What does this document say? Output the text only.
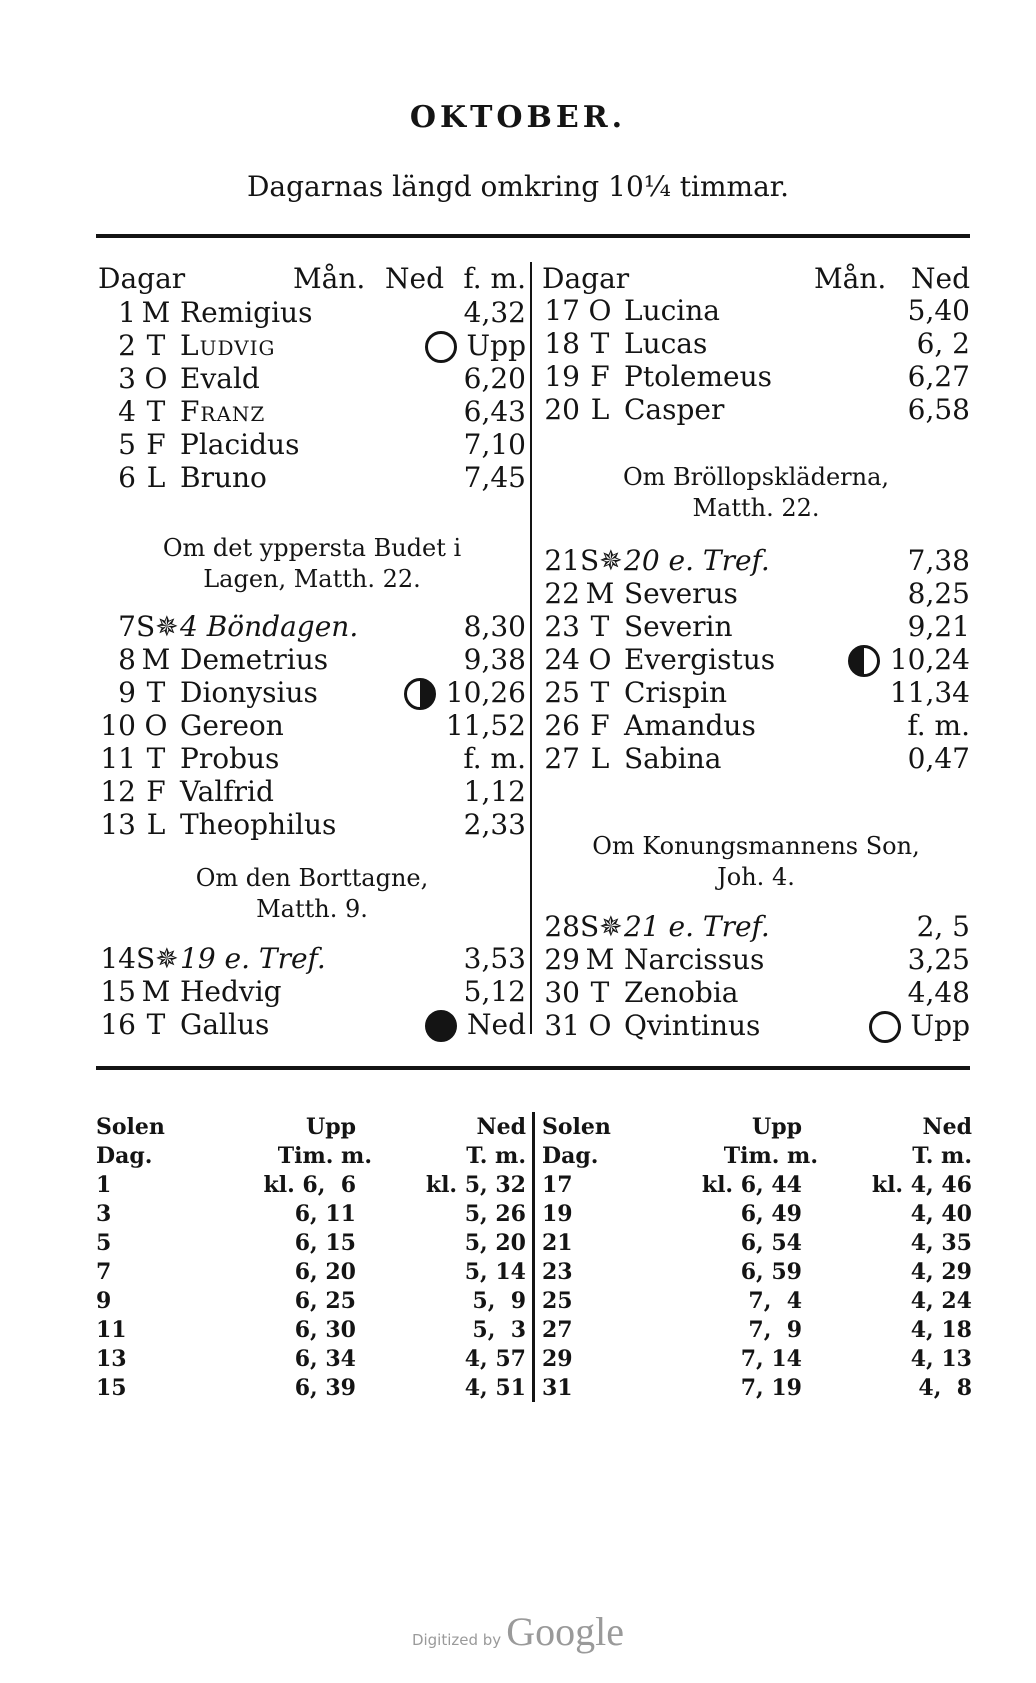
OKTOBER.
Dagarnas längd omkring 10¼ timmar.
Dagar	Mån. Ned f. m. Dagar	Mån. Ned
1 M Remigius	4,32
2 T Ludvig	Upp
3 O Evald	6,20
4 T Franz	6,43
5 F Placidus	7,10
6 L Bruno	7,45
Om det yppersta Budet i
Lagen, Matth. 22.
7 S✵ 4 Böndagen.	8,30
8 M Demetrius	9,38
9 T Dionysius	10,26
10 O Gereon	11,52
11 T Probus	f. m.
12 F Valfrid	1,12
13 L Theophilus	2,33
Om den Borttagne,
Matth. 9.
14 S✵ 19 e. Tref.	3,53
15 M Hedvig	5,12
16 T Gallus	Ned
17 O Lucina	5,40
18 T Lucas	6, 2
19 F Ptolemeus	6,27
20 L Casper	6,58
Om Bröllopskläderna,
Matth. 22.
21 S✵ 20 e. Tref.	7,38
22 M Severus	8,25
23 T Severin	9,21
24 O Evergistus	10,24
25 T Crispin	11,34
26 F Amandus	f. m.
27 L Sabina	0,47
Om Konungsmannens Son,
Joh. 4.
28 S✵ 21 e. Tref.	2, 5
29 M Narcissus	3,25
30 T Zenobia	4,48
31 O Qvintinus	Upp
Solen	Upp	Ned
Dag.	Tim. m.	T. m.
1	kl. 6,  6	kl. 5, 32
3	6, 11	5, 26
5	6, 15	5, 20
7	6, 20	5, 14
9	6, 25	5,  9
11	6, 30	5,  3
13	6, 34	4, 57
15	6, 39	4, 51
Solen	Upp	Ned
Dag.	Tim. m.	T. m.
17	kl. 6, 44	kl. 4, 46
19	6, 49	4, 40
21	6, 54	4, 35
23	6, 59	4, 29
25	7,  4	4, 24
27	7,  9	4, 18
29	7, 14	4, 13
31	7, 19	4,  8
Digitized by Google
